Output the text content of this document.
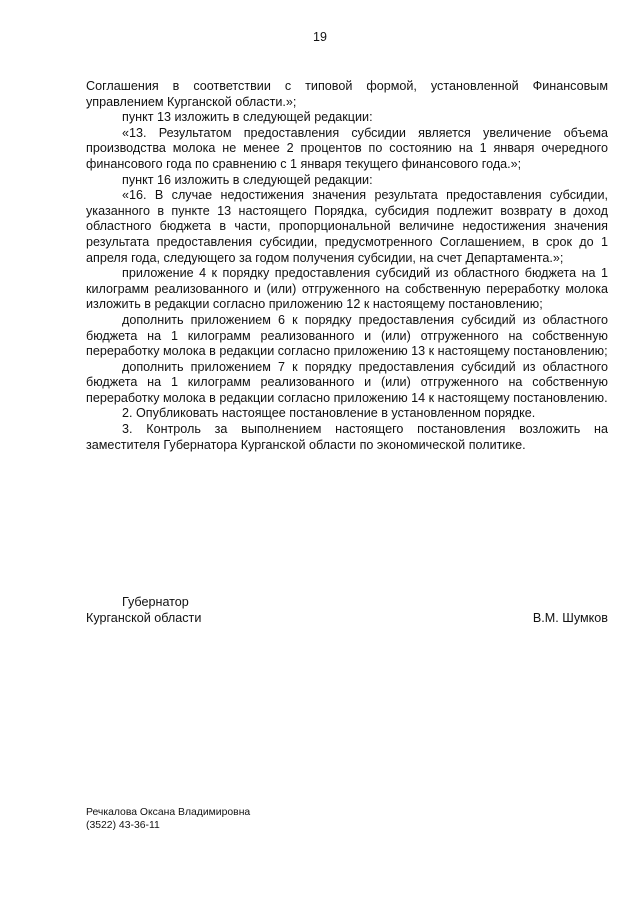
19

Соглашения в соответствии с типовой формой, установленной Финансовым управлением Курганской области.»;

пункт 13 изложить в следующей редакции:

«13. Результатом предоставления субсидии является увеличение объема производства молока не менее 2 процентов по состоянию на 1 января очередного финансового года по сравнению с 1 января текущего финансового года.»;

пункт 16 изложить в следующей редакции:

«16. В случае недостижения значения результата предоставления субсидии, указанного в пункте 13 настоящего Порядка, субсидия подлежит возврату в доход областного бюджета в части, пропорциональной величине недостижения значения результата предоставления субсидии, предусмотренного Соглашением, в срок до 1 апреля года, следующего за годом получения субсидии, на счет Департамента.»;

приложение 4 к порядку предоставления субсидий из областного бюджета на 1 килограмм реализованного и (или) отгруженного на собственную переработку молока изложить в редакции согласно приложению 12 к настоящему постановлению;

дополнить приложением 6 к порядку предоставления субсидий из областного бюджета на 1 килограмм реализованного и (или) отгруженного на собственную переработку молока в редакции согласно приложению 13 к настоящему постановлению;

дополнить приложением 7 к порядку предоставления субсидий из областного бюджета на 1 килограмм реализованного и (или) отгруженного на собственную переработку молока в редакции согласно приложению 14 к настоящему постановлению.

2. Опубликовать настоящее постановление в установленном порядке.

3. Контроль за выполнением настоящего постановления возложить на заместителя Губернатора Курганской области по экономической политике.

Губернатор
Курганской области	В.М. Шумков
Речкалова Оксана Владимировна
(3522) 43-36-11
